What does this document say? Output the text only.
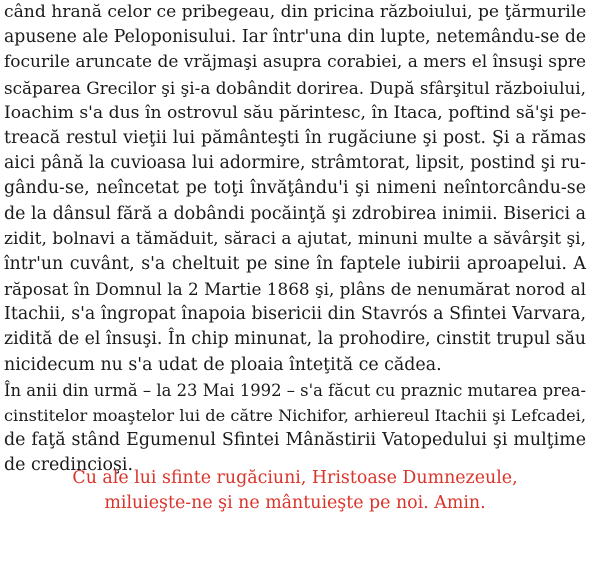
când hrană celor ce pribegeau, din pricina războiului, pe ţărmurile
apusene ale Peloponisului. Iar într'una din lupte, netemându-se de
focurile aruncate de vrăjmaşi asupra corabiei, a mers el însuşi spre
scăparea Grecilor şi şi-a dobândit dorirea. După sfârşitul războiului,
Ioachim s'a dus în ostrovul său părintesc, în Itaca, poftind să'şi pe-
treacă restul vieţii lui pământeşti în rugăciune şi post. Şi a rămas
aici până la cuvioasa lui adormire, strâmtorat, lipsit, postind şi ru-
gându-se, neîncetat pe toţi învăţându'i şi nimeni neîntorcându-se
de la dânsul fără a dobândi pocăinţă şi zdrobirea inimii. Biserici a
zidit, bolnavi a tămăduit, săraci a ajutat, minuni multe a săvârşit şi,
într'un cuvânt, s'a cheltuit pe sine în faptele iubirii aproapelui. A
răposat în Domnul la 2 Martie 1868 şi, plâns de nenumărat norod al
Itachii, s'a îngropat înapoia bisericii din Stavrós a Sfintei Varvara,
zidită de el însuşi. În chip minunat, la prohodire, cinstit trupul său
nicidecum nu s'a udat de ploaia înteţită ce cădea.
În anii din urmă – la 23 Mai 1992 – s'a făcut cu praznic mutarea prea-
cinstitelor moaştelor lui de către Nichifor, arhiereul Itachii şi Lefcadei,
de faţă stând Egumenul Sfintei Mânăstirii Vatopedului şi mulţime
de credincioşi.
Cu ale lui sfinte rugăciuni, Hristoase Dumnezeule,
miluieşte-ne şi ne mântuieşte pe noi. Amin.
